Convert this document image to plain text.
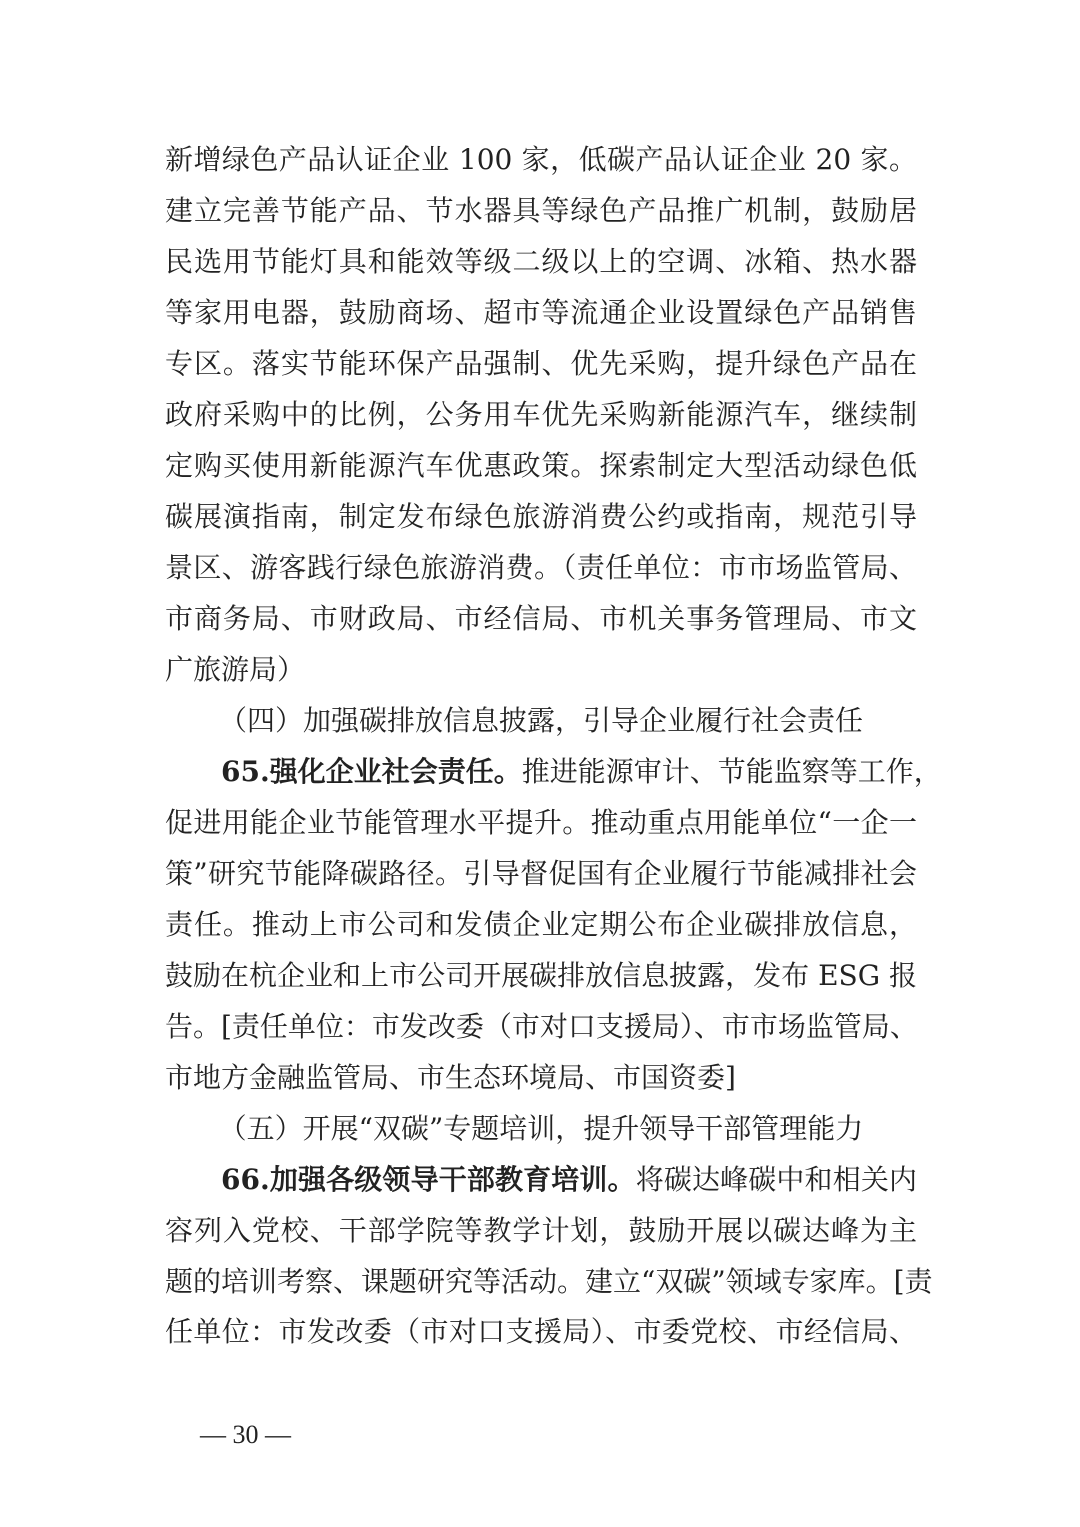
新增绿色产品认证企业 100 家，低碳产品认证企业 20 家。
建立完善节能产品、节水器具等绿色产品推广机制，鼓励居
民选用节能灯具和能效等级二级以上的空调、冰箱、热水器
等家用电器，鼓励商场、超市等流通企业设置绿色产品销售
专区。落实节能环保产品强制、优先采购，提升绿色产品在
政府采购中的比例，公务用车优先采购新能源汽车，继续制
定购买使用新能源汽车优惠政策。探索制定大型活动绿色低
碳展演指南，制定发布绿色旅游消费公约或指南，规范引导
景区、游客践行绿色旅游消费。（责任单位：市市场监管局、
市商务局、市财政局、市经信局、市机关事务管理局、市文
广旅游局）
（四）加强碳排放信息披露，引导企业履行社会责任
65.强化企业社会责任。推进能源审计、节能监察等工作，
促进用能企业节能管理水平提升。推动重点用能单位“一企一
策”研究节能降碳路径。引导督促国有企业履行节能减排社会
责任。推动上市公司和发债企业定期公布企业碳排放信息，
鼓励在杭企业和上市公司开展碳排放信息披露，发布 ESG 报
告。[责任单位：市发改委（市对口支援局）、市市场监管局、
市地方金融监管局、市生态环境局、市国资委]
（五）开展“双碳”专题培训，提升领导干部管理能力
66.加强各级领导干部教育培训。将碳达峰碳中和相关内
容列入党校、干部学院等教学计划，鼓励开展以碳达峰为主
题的培训考察、课题研究等活动。建立“双碳”领域专家库。[责
任单位：市发改委（市对口支援局）、市委党校、市经信局、
— 30 —
